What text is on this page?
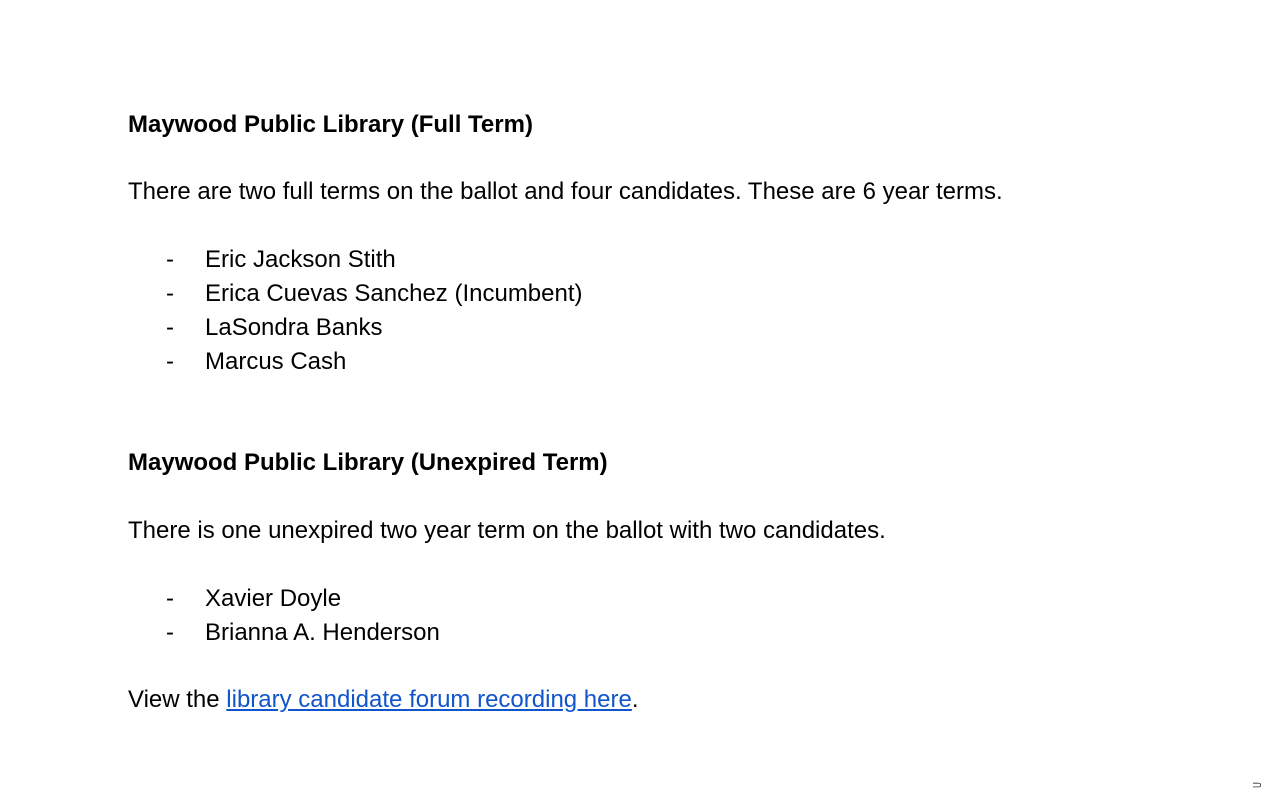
Maywood Public Library (Full Term)

There are two full terms on the ballot and four candidates. These are 6 year terms.

- Eric Jackson Stith
- Erica Cuevas Sanchez (Incumbent)
- LaSondra Banks
- Marcus Cash
Maywood Public Library (Unexpired Term)

There is one unexpired two year term on the ballot with two candidates.

- Xavier Doyle
- Brianna A. Henderson

View the library candidate forum recording here.

⸧
